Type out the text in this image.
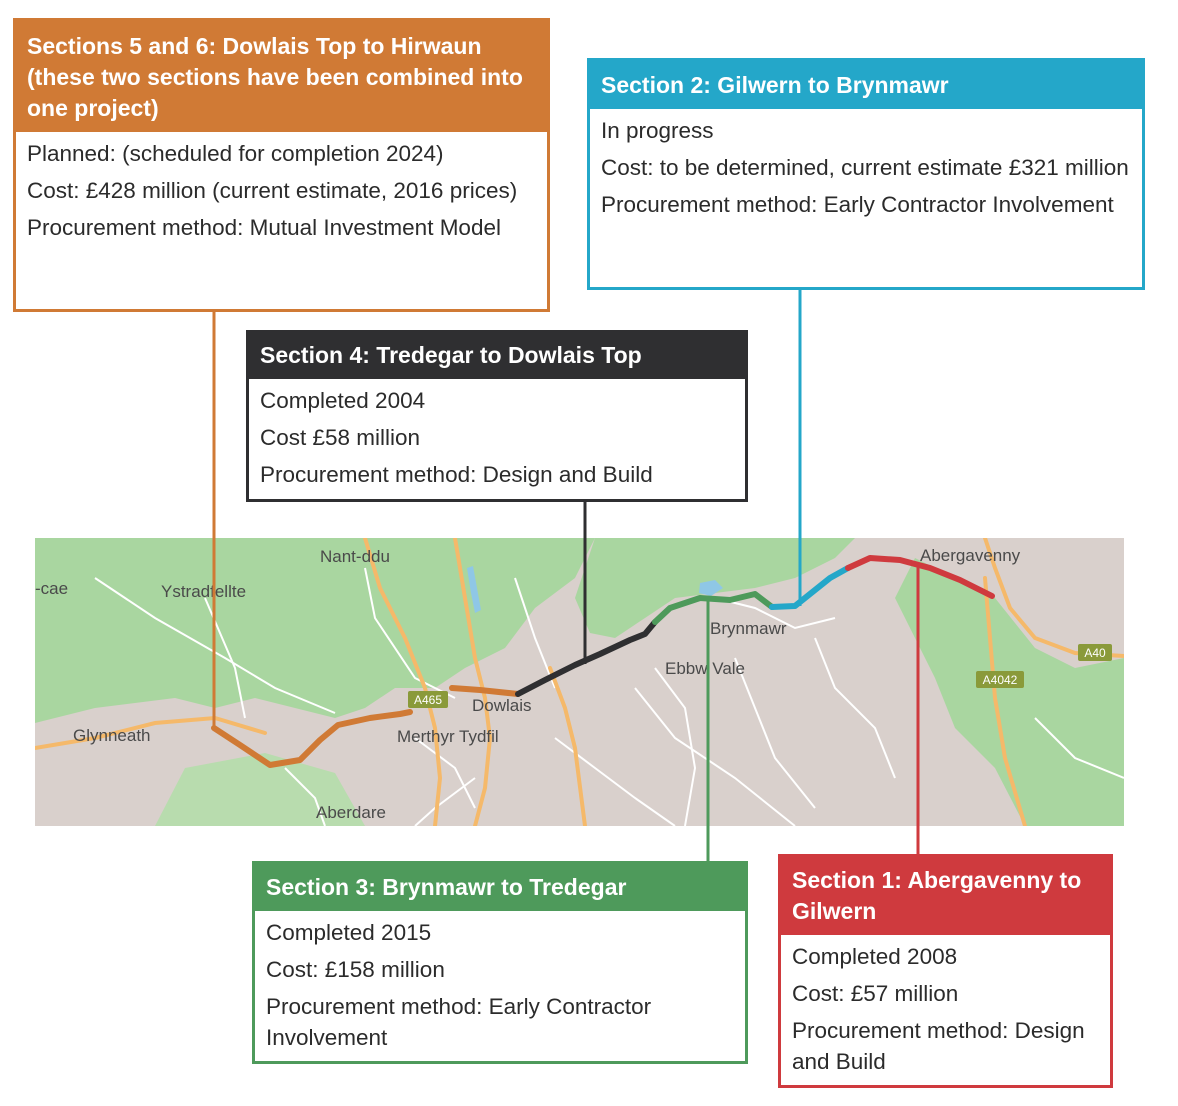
A465
A4042
A40
Nant-ddu
-cae	Ystradfellte
Glynneath
Aberdare
Dowlais
Merthyr Tydfil
Ebbw Vale
Brynmawr
Abergavenny
Sections 5 and 6: Dowlais Top to Hirwaun (these two sections have been combined into one project)

Planned: (scheduled for completion 2024)

Cost: £428 million (current estimate, 2016 prices)

Procurement method: Mutual Investment Model

Section 2: Gilwern to Brynmawr

In progress

Cost: to be determined, current estimate £321 million

Procurement method: Early Contractor Involvement

Section 4: Tredegar to Dowlais Top

Completed 2004

Cost £58 million

Procurement method: Design and Build

Section 3: Brynmawr to Tredegar

Completed 2015

Cost: £158 million

Procurement method: Early Contractor Involvement

Section 1: Abergavenny to Gilwern

Completed 2008

Cost: £57 million

Procurement method: Design and Build
